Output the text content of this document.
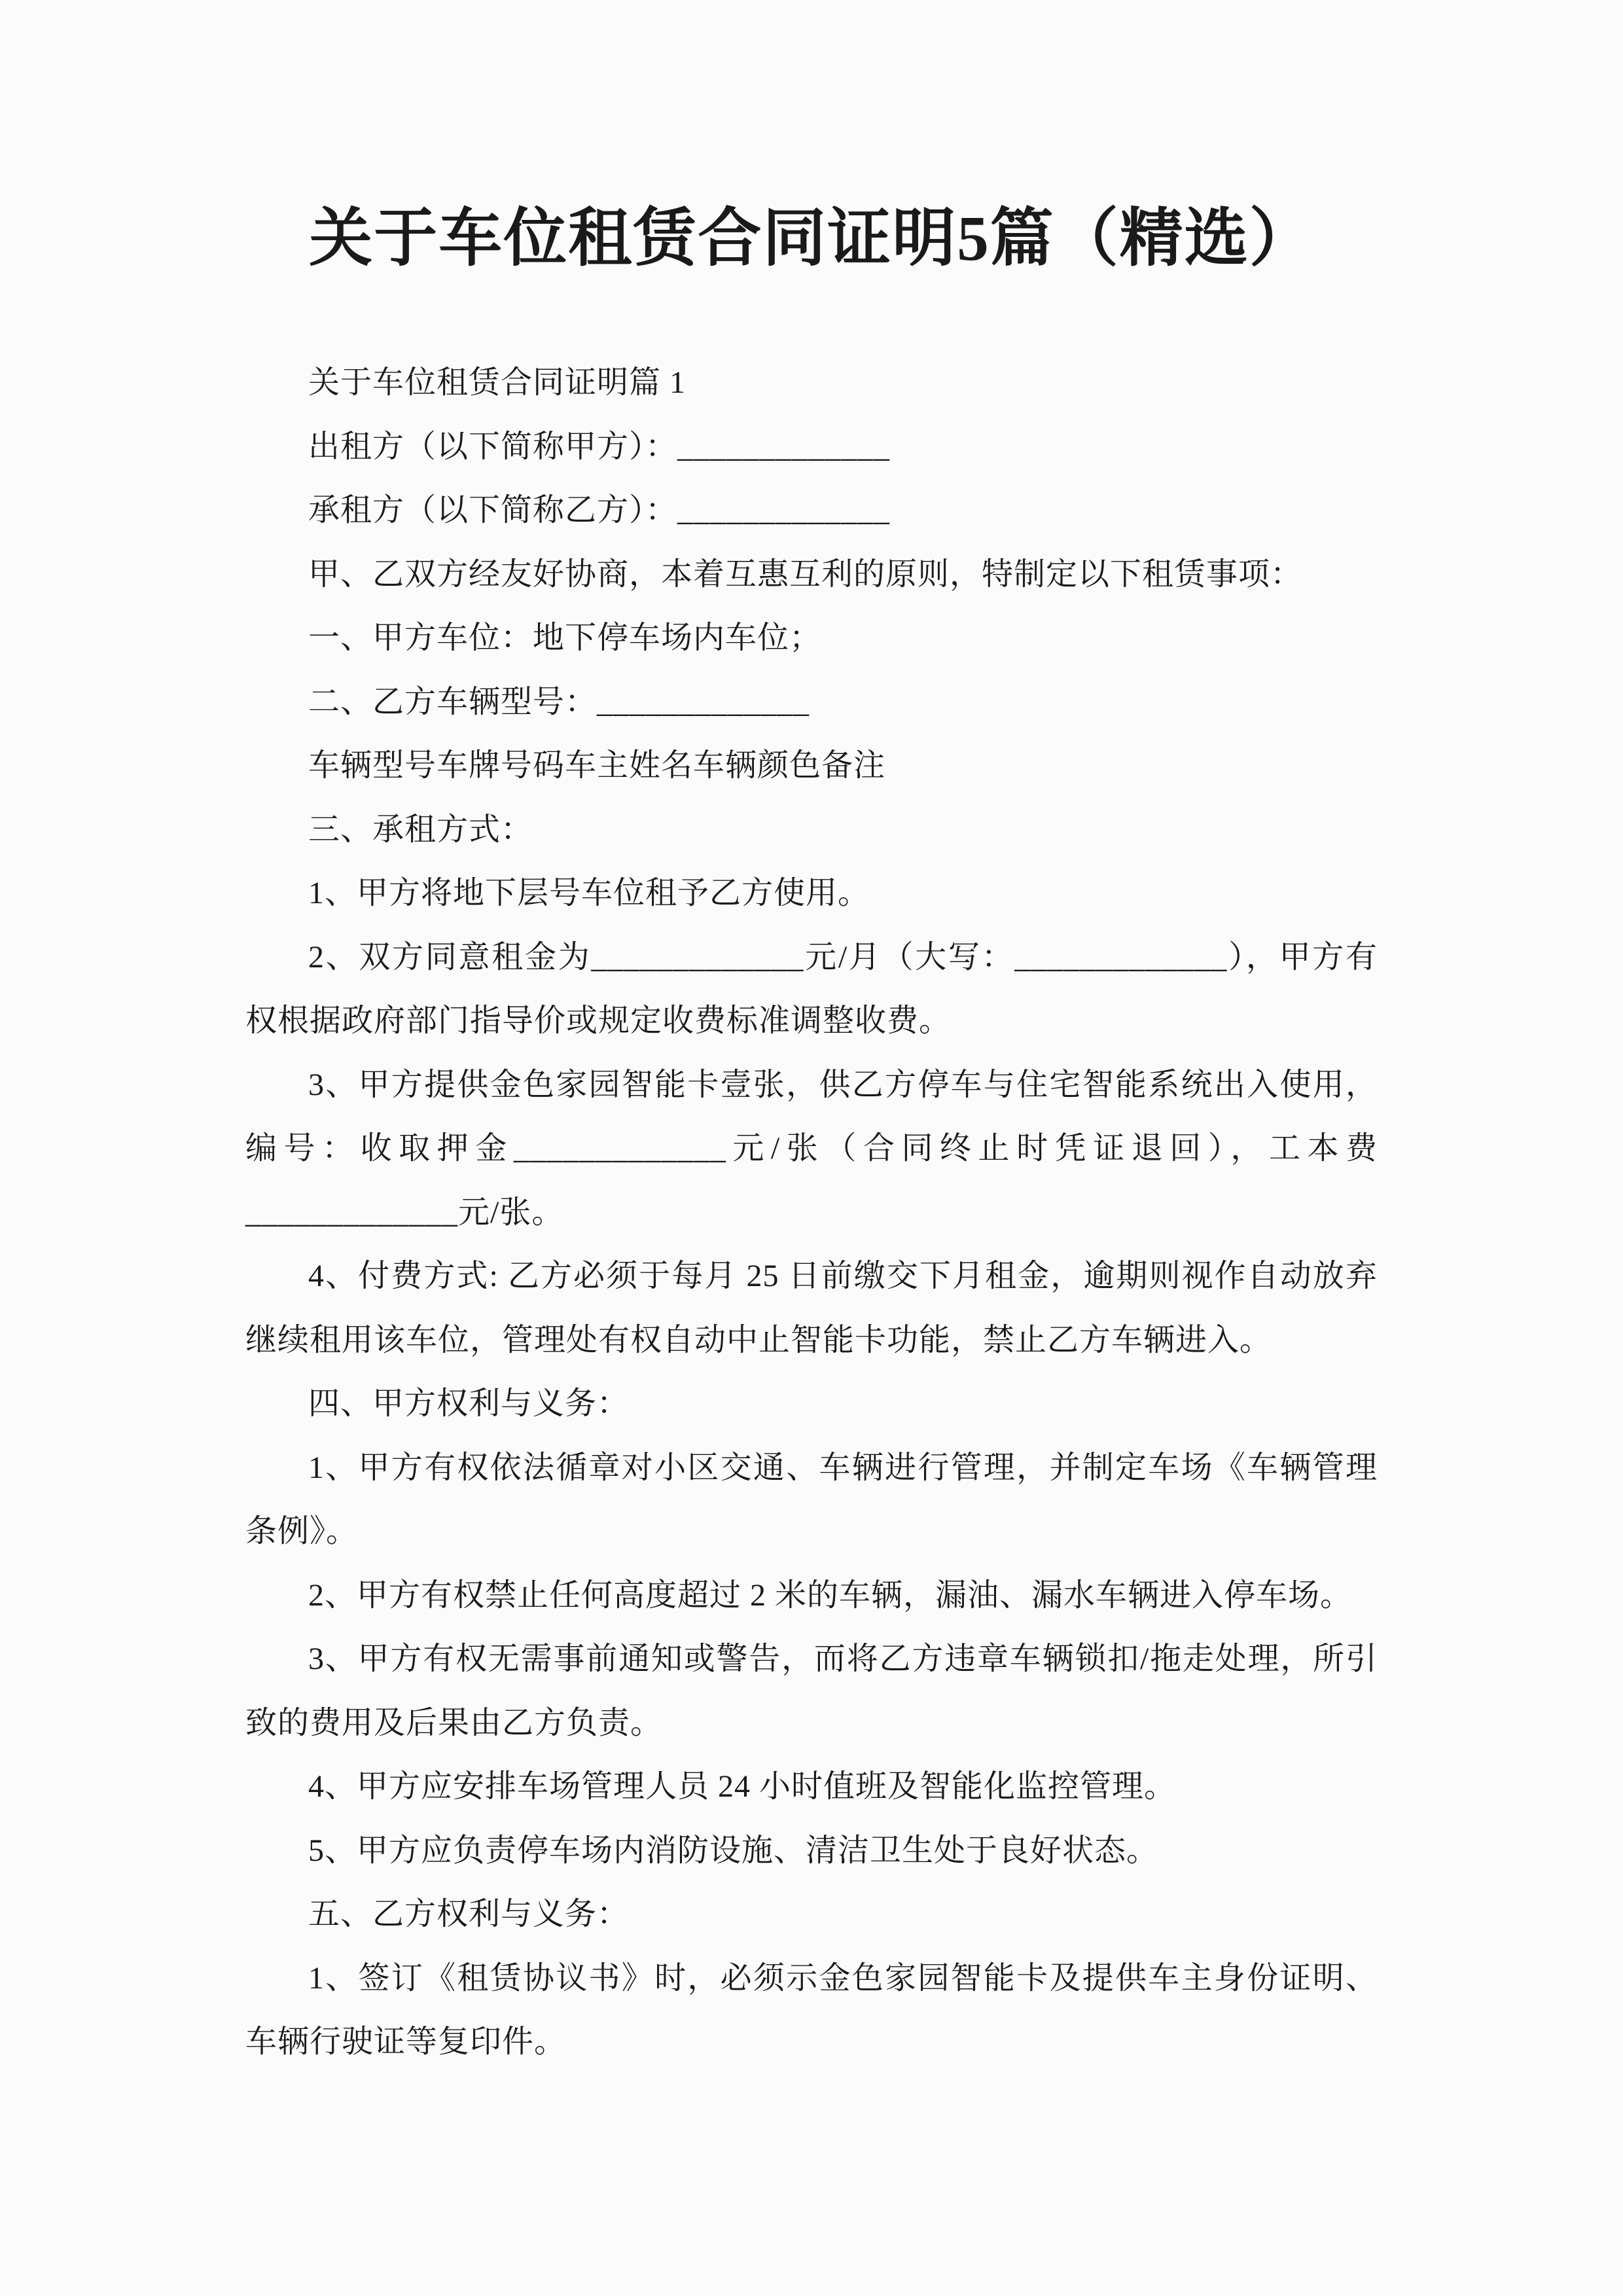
关于车位租赁合同证明5篇（精选）

关于车位租赁合同证明篇 1

出租方（以下简称甲方）：_____________

承租方（以下简称乙方）：_____________

甲、乙双方经友好协商，本着互惠互利的原则，特制定以下租赁事项：

一、甲方车位：地下停车场内车位；

二、乙方车辆型号：_____________

车辆型号车牌号码车主姓名车辆颜色备注

三、承租方式：

1、甲方将地下层号车位租予乙方使用。

2、双方同意租金为_____________元/月（大写：_____________），甲方有权根据政府部门指导价或规定收费标准调整收费。

3、甲方提供金色家园智能卡壹张，供乙方停车与住宅智能系统出入使用，编号：收取押金_____________元/张（合同终止时凭证退回），工本费_____________元/张。

4、付费方式: 乙方必须于每月 25 日前缴交下月租金，逾期则视作自动放弃继续租用该车位，管理处有权自动中止智能卡功能，禁止乙方车辆进入。

四、甲方权利与义务：

1、甲方有权依法循章对小区交通、车辆进行管理，并制定车场《车辆管理条例》。

2、甲方有权禁止任何高度超过 2 米的车辆，漏油、漏水车辆进入停车场。

3、甲方有权无需事前通知或警告，而将乙方违章车辆锁扣/拖走处理，所引致的费用及后果由乙方负责。

4、甲方应安排车场管理人员 24 小时值班及智能化监控管理。

5、甲方应负责停车场内消防设施、清洁卫生处于良好状态。

五、乙方权利与义务：

1、签订《租赁协议书》时，必须示金色家园智能卡及提供车主身份证明、车辆行驶证等复印件。
